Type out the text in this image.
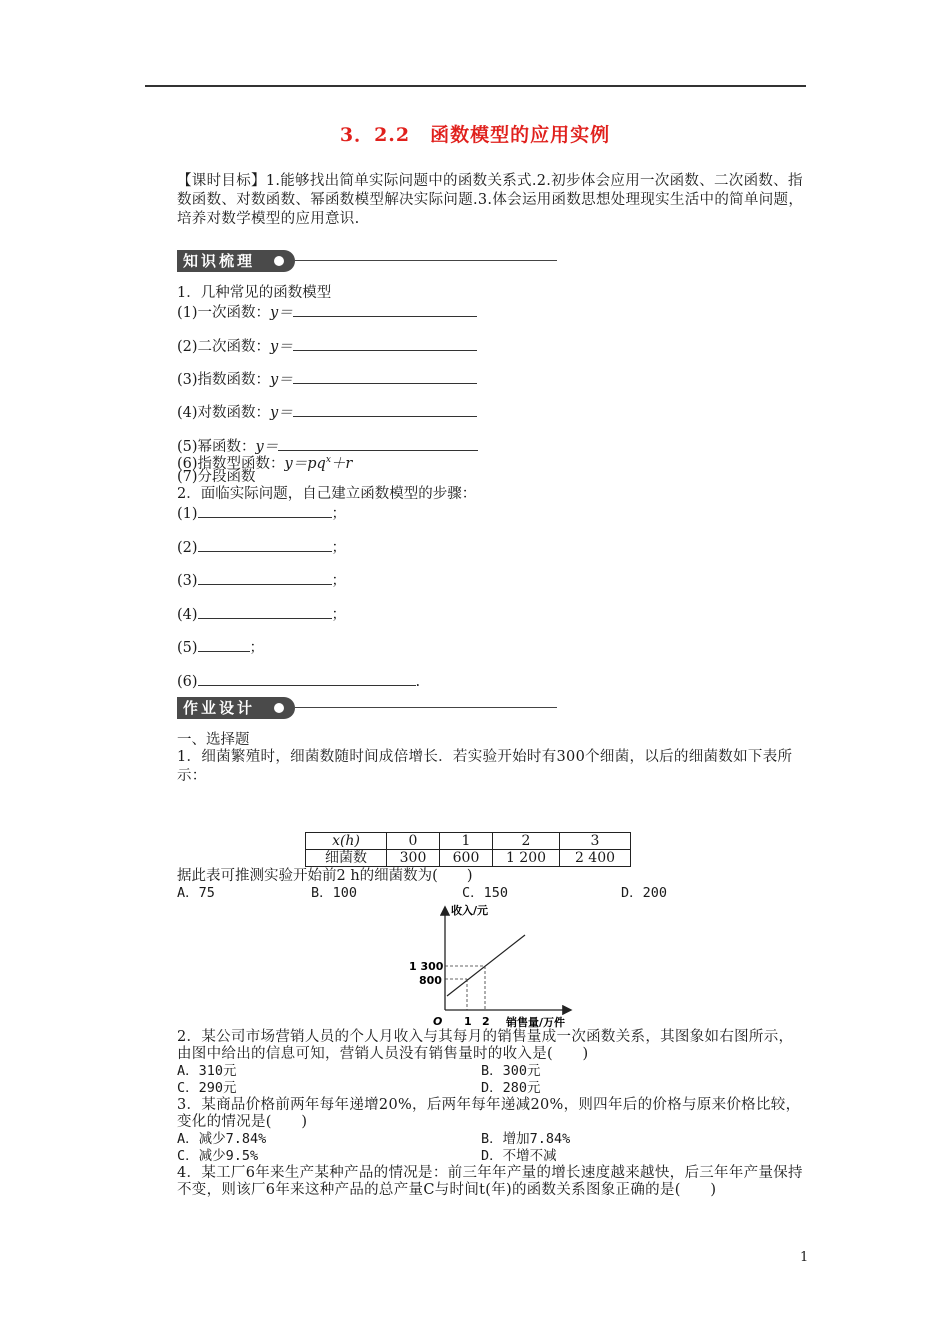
3．2.2　函数模型的应用实例
【课时目标】1.能够找出简单实际问题中的函数关系式.2.初步体会应用一次函数、二次函数、指数函数、对数函数、幂函数模型解决实际问题.3.体会运用函数思想处理现实生活中的简单问题，培养对数学模型的应用意识.
知识梳理
1．几种常见的函数模型
(1)一次函数：y＝
(2)二次函数：y＝
(3)指数函数：y＝
(4)对数函数：y＝
(5)幂函数：y＝
(6)指数型函数：$y=pq^x+r$
(7)分段函数
2．面临实际问题，自己建立函数模型的步骤：
(1)	；
(2)	；
(3)	；
(4)	；
(5)	；
(6)	.
作业设计
一、选择题
1．细菌繁殖时，细菌数随时间成倍增长．若实验开始时有300个细菌，以后的细菌数如下表所示：
x(h)	0	1	2	3
细菌数	300	600	1 200	2 400
据此表可推测实验开始前2 h的细菌数为(　　)
A．75	B．100	C．150	D．200
收入/元
销售量/万件
O 1 2
1 300
800
2．某公司市场营销人员的个人月收入与其每月的销售量成一次函数关系，其图象如右图所示，由图中给出的信息可知，营销人员没有销售量时的收入是(　　)
A．310元	B．300元
C．290元	D．280元
3．某商品价格前两年每年递增20%，后两年每年递减20%，则四年后的价格与原来价格比较，变化的情况是(　　)
A．减少7.84%	B．增加7.84%
C．减少9.5%	D．不增不减
4．某工厂6年来生产某种产品的情况是：前三年年产量的增长速度越来越快，后三年年产量保持不变，则该厂6年来这种产品的总产量C与时间t(年)的函数关系图象正确的是(　　)
1
